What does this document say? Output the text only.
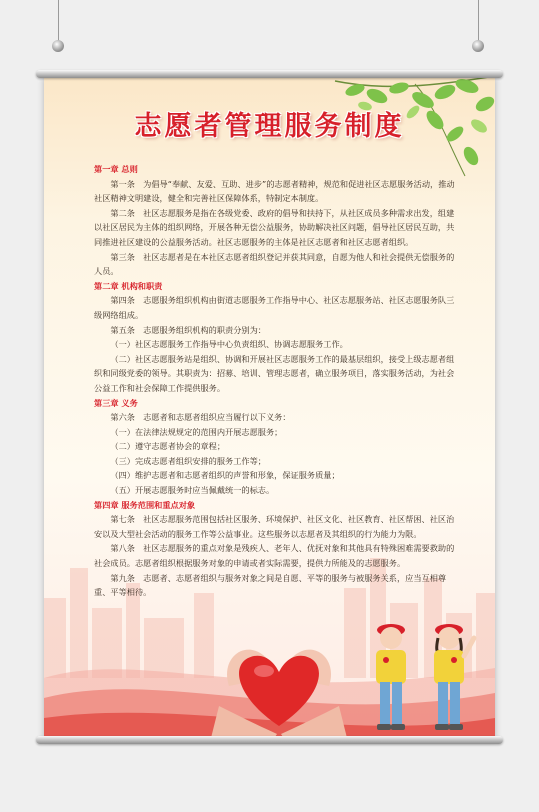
志愿者管理服务制度

第一章 总则

第一条　为倡导“奉献、友爱、互助、进步”的志愿者精神，规范和促进社区志愿服务活动，推动社区精神文明建设，健全和完善社区保障体系，特制定本制度。

第二条　社区志愿服务是指在各级党委、政府的倡导和扶持下，从社区成员多种需求出发，组建以社区居民为主体的组织网络，开展各种无偿公益服务，协助解决社区问题，倡导社区居民互助，共同推进社区建设的公益服务活动。社区志愿服务的主体是社区志愿者和社区志愿者组织。

第三条　社区志愿者是在本社区志愿者组织登记并获其同意，自愿为他人和社会提供无偿服务的人员。

第二章 机构和职责

第四条　志愿服务组织机构由街道志愿服务工作指导中心、社区志愿服务站、社区志愿服务队三级网络组成。

第五条　志愿服务组织机构的职责分别为：

（一）社区志愿服务工作指导中心负责组织、协调志愿服务工作。

（二）社区志愿服务站是组织、协调和开展社区志愿服务工作的最基层组织，接受上级志愿者组织和同级党委的领导。其职责为：招募、培训、管理志愿者，确立服务项目，落实服务活动，为社会公益工作和社会保障工作提供服务。

第三章 义务

第六条　志愿者和志愿者组织应当履行以下义务：

（一）在法律法规规定的范围内开展志愿服务；

（二）遵守志愿者协会的章程；

（三）完成志愿者组织安排的服务工作等；

（四）维护志愿者和志愿者组织的声誉和形象，保证服务质量；

（五）开展志愿服务时应当佩戴统一的标志。

第四章 服务范围和重点对象

第七条　社区志愿服务范围包括社区服务、环境保护、社区文化、社区教育、社区帮困、社区治安以及大型社会活动的服务工作等公益事业。这些服务以志愿者及其组织的行为能力为限。

第八条　社区志愿服务的重点对象是残疾人、老年人、优抚对象和其他具有特殊困难需要救助的社会成员。志愿者组织根据服务对象的申请或者实际需要，提供力所能及的志愿服务。

第九条　志愿者、志愿者组织与服务对象之间是自愿、平等的服务与被服务关系，应当互相尊重、平等相待。
